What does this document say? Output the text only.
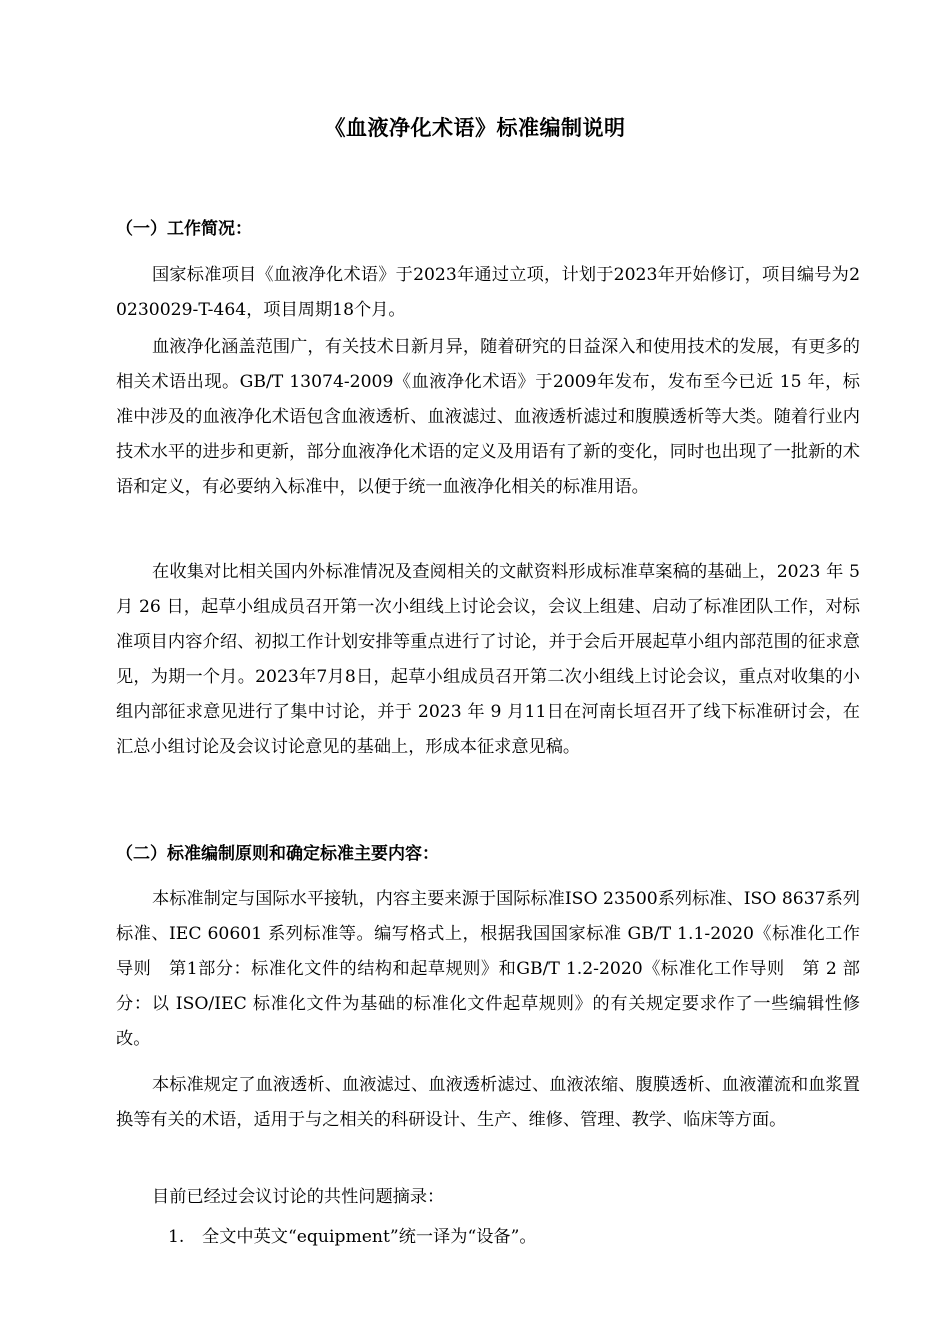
《血液净化术语》标准编制说明
（一）工作简况：

国家标准项目《血液净化术语》于2023年通过立项，计划于2023年开始修订，项目编号为20230029-T-464，项目周期18个月。

血液净化涵盖范围广，有关技术日新月异，随着研究的日益深入和使用技术的发展，有更多的相关术语出现。GB/T 13074-2009《血液净化术语》于2009年发布，发布至今已近 15 年，标准中涉及的血液净化术语包含血液透析、血液滤过、血液透析滤过和腹膜透析等大类。随着行业内技术水平的进步和更新，部分血液净化术语的定义及用语有了新的变化，同时也出现了一批新的术语和定义，有必要纳入标准中，以便于统一血液净化相关的标准用语。

在收集对比相关国内外标准情况及查阅相关的文献资料形成标准草案稿的基础上，2023 年 5 月 26 日，起草小组成员召开第一次小组线上讨论会议，会议上组建、启动了标准团队工作，对标准项目内容介绍、初拟工作计划安排等重点进行了讨论，并于会后开展起草小组内部范围的征求意见，为期一个月。2023年7月8日，起草小组成员召开第二次小组线上讨论会议，重点对收集的小组内部征求意见进行了集中讨论，并于 2023 年 9 月11日在河南长垣召开了线下标准研讨会，在汇总小组讨论及会议讨论意见的基础上，形成本征求意见稿。

（二）标准编制原则和确定标准主要内容：

本标准制定与国际水平接轨，内容主要来源于国际标准ISO 23500系列标准、ISO 8637系列标准、IEC 60601 系列标准等。编写格式上，根据我国国家标准 GB/T 1.1-2020《标准化工作导则　第1部分：标准化文件的结构和起草规则》和GB/T 1.2-2020《标准化工作导则　第 2 部分：以 ISO/IEC 标准化文件为基础的标准化文件起草规则》的有关规定要求作了一些编辑性修改。

本标准规定了血液透析、血液滤过、血液透析滤过、血液浓缩、腹膜透析、血液灌流和血浆置换等有关的术语，适用于与之相关的科研设计、生产、维修、管理、教学、临床等方面。

目前已经过会议讨论的共性问题摘录：

1. 全文中英文“equipment”统一译为“设备”。
